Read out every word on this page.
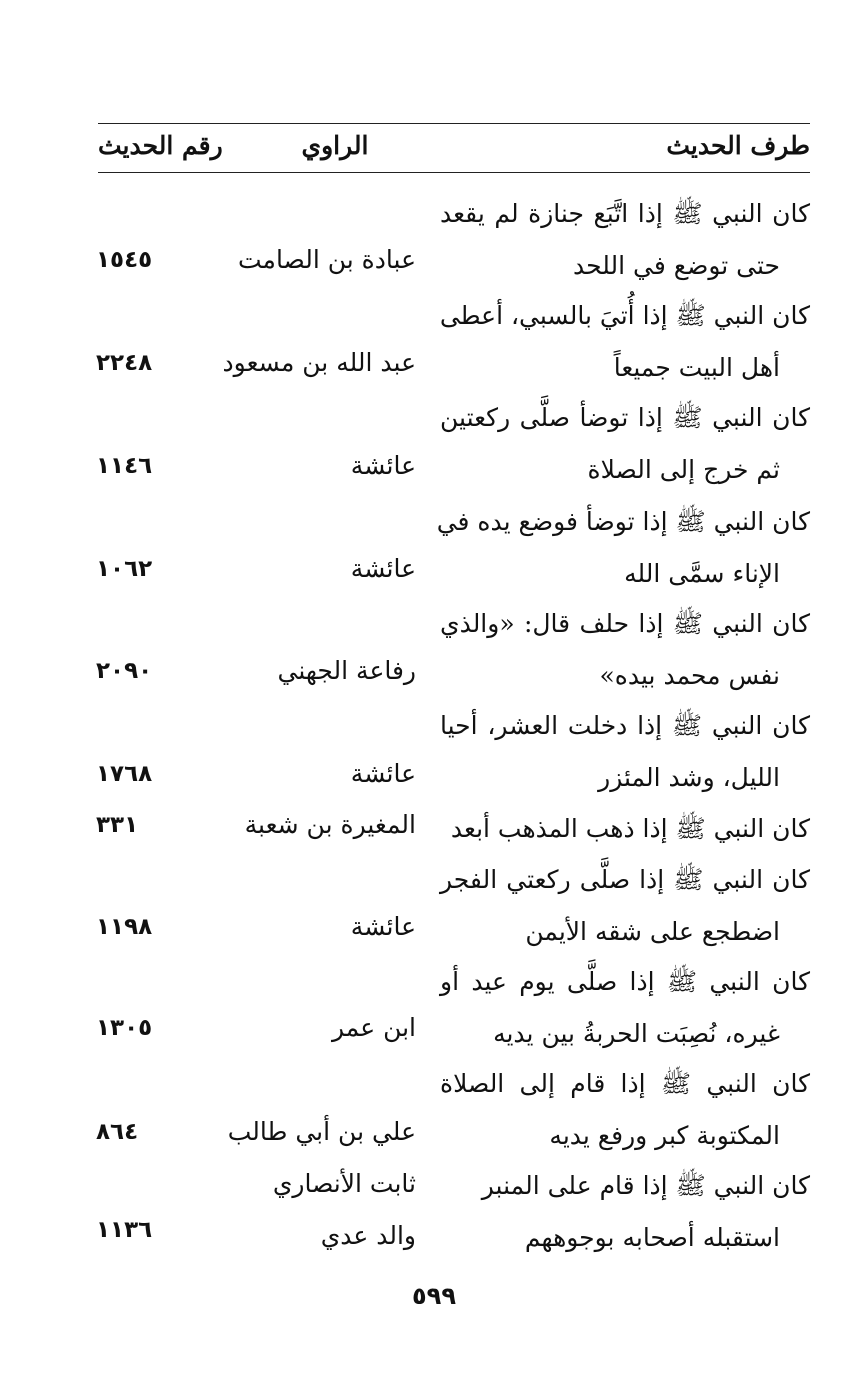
طرف الحديث
الراوي
رقم الحديث
كان النبي ﷺ إذا اتَّبَع جنازة لم يقعد
حتى توضع في اللحد
عبادة بن الصامت
١٥٤٥
كان النبي ﷺ إذا أُتيَ بالسبي، أعطى
أهل البيت جميعاً
عبد الله بن مسعود
٢٢٤٨
كان النبي ﷺ إذا توضأ صلَّى ركعتين
ثم خرج إلى الصلاة
عائشة
١١٤٦
كان النبي ﷺ إذا توضأ فوضع يده في
الإناء سمَّى الله
عائشة
١٠٦٢
كان النبي ﷺ إذا حلف قال: «والذي
نفس محمد بيده»
رفاعة الجهني
٢٠٩٠
كان النبي ﷺ إذا دخلت العشر، أحيا
الليل، وشد المئزر
عائشة
١٧٦٨
كان النبي ﷺ إذا ذهب المذهب أبعد
المغيرة بن شعبة
٣٣١
كان النبي ﷺ إذا صلَّى ركعتي الفجر
اضطجع على شقه الأيمن
عائشة
١١٩٨
كان النبي ﷺ إذا صلَّى يوم عيد أو
غيره، نُصِبَت الحربةُ بين يديه
ابن عمر
١٣٠٥
كان النبي ﷺ إذا قام إلى الصلاة
المكتوبة كبر ورفع يديه
علي بن أبي طالب
٨٦٤
كان النبي ﷺ إذا قام على المنبر
استقبله أصحابه بوجوههم
ثابت الأنصاري
والد عدي
١١٣٦
٥٩٩
